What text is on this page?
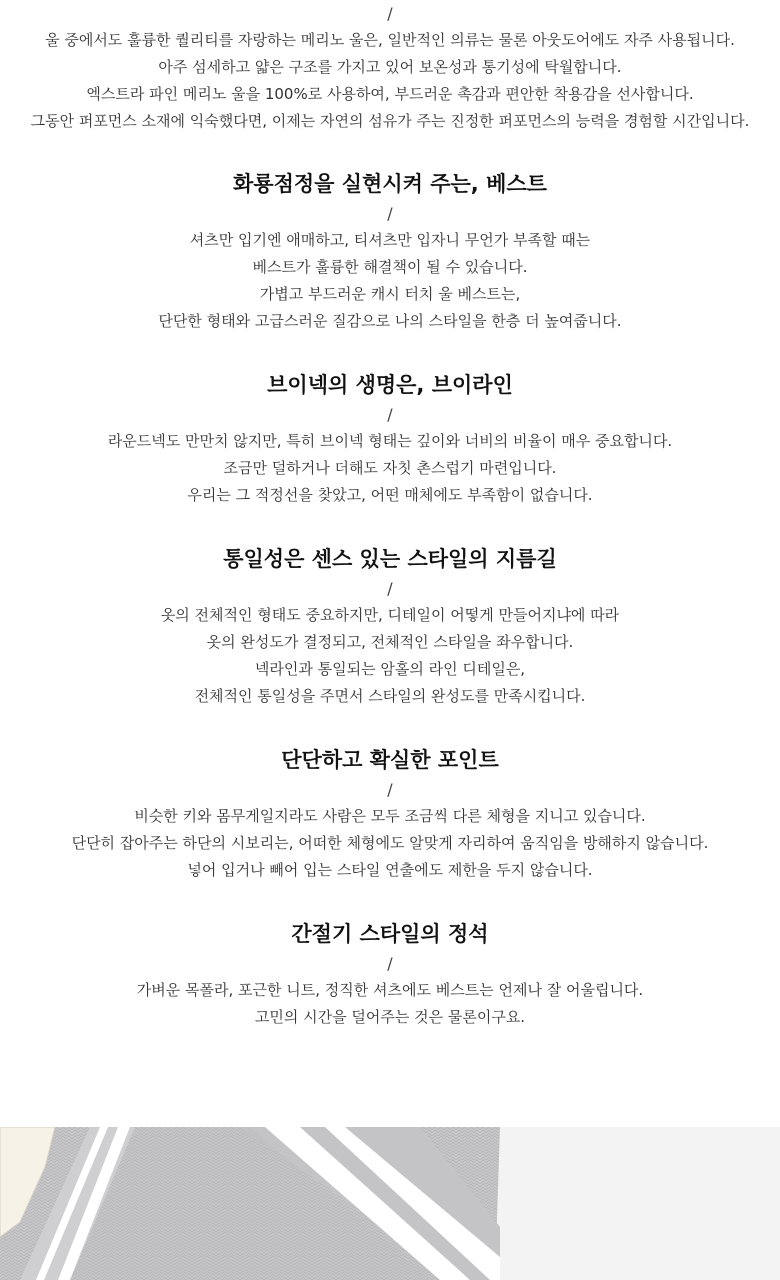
/
울 중에서도 훌륭한 퀄리티를 자랑하는 메리노 울은, 일반적인 의류는 물론 아웃도어에도 자주 사용됩니다.
아주 섬세하고 얇은 구조를 가지고 있어 보온성과 통기성에 탁월합니다.
엑스트라 파인 메리노 울을 100%로 사용하여, 부드러운 촉감과 편안한 착용감을 선사합니다.
그동안 퍼포먼스 소재에 익숙했다면, 이제는 자연의 섬유가 주는 진정한 퍼포먼스의 능력을 경험할 시간입니다.
화룡점정을 실현시켜 주는, 베스트
/
셔츠만 입기엔 애매하고, 티셔츠만 입자니 무언가 부족할 때는
베스트가 훌륭한 해결책이 될 수 있습니다.
가볍고 부드러운 캐시 터치 울 베스트는,
단단한 형태와 고급스러운 질감으로 나의 스타일을 한층 더 높여줍니다.
브이넥의 생명은, 브이라인
/
라운드넥도 만만치 않지만, 특히 브이넥 형태는 깊이와 너비의 비율이 매우 중요합니다.
조금만 덜하거나 더해도 자칫 촌스럽기 마련입니다.
우리는 그 적정선을 찾았고, 어떤 매체에도 부족함이 없습니다.
통일성은 센스 있는 스타일의 지름길
/
옷의 전체적인 형태도 중요하지만, 디테일이 어떻게 만들어지냐에 따라
옷의 완성도가 결정되고, 전체적인 스타일을 좌우합니다.
넥라인과 통일되는 암홀의 라인 디테일은,
전체적인 통일성을 주면서 스타일의 완성도를 만족시킵니다.
단단하고 확실한 포인트
/
비슷한 키와 몸무게일지라도 사람은 모두 조금씩 다른 체형을 지니고 있습니다.
단단히 잡아주는 하단의 시보리는, 어떠한 체형에도 알맞게 자리하여 움직임을 방해하지 않습니다.
넣어 입거나 빼어 입는 스타일 연출에도 제한을 두지 않습니다.
간절기 스타일의 정석
/
가벼운 목폴라, 포근한 니트, 정직한 셔츠에도 베스트는 언제나 잘 어울립니다.
고민의 시간을 덜어주는 것은 물론이구요.
